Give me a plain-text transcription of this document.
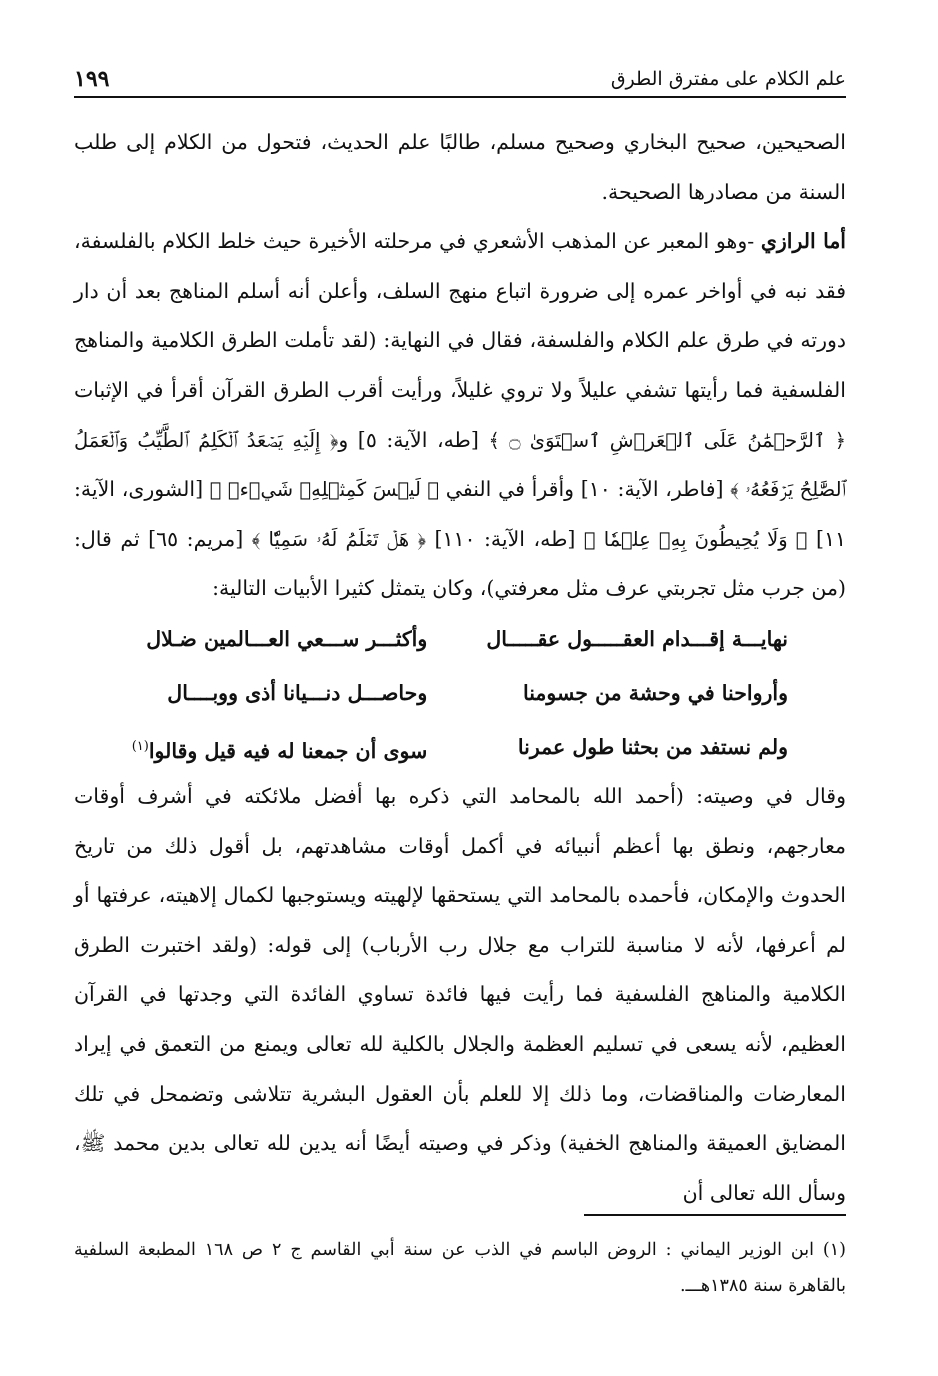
علم الكلام على مفترق الطرق
١٩٩

الصحيحين، صحيح البخاري وصحيح مسلم، طالبًا علم الحديث، فتحول من الكلام إلى طلب السنة من مصادرها الصحيحة.

أما الرازي -وهو المعبر عن المذهب الأشعري في مرحلته الأخيرة حيث خلط الكلام بالفلسفة، فقد نبه في أواخر عمره إلى ضرورة اتباع منهج السلف، وأعلن أنه أسلم المناهج بعد أن دار دورته في طرق علم الكلام والفلسفة، فقال في النهاية: (لقد تأملت الطرق الكلامية والمناهج الفلسفية فما رأيتها تشفي عليلاً ولا تروي غليلاً، ورأيت أقرب الطرق القرآن أقرأ في الإثبات ﴿ ٱلرَّحۡمَٰنُ عَلَى ٱلۡعَرۡشِ ٱسۡتَوَىٰ ۝ ﴾ [طه، الآية: ٥] و﴿ إِلَيۡهِ يَصۡعَدُ ٱلۡكَلِمُ ٱلطَّيِّبُ وَٱلۡعَمَلُ ٱلصَّٰلِحُ يَرۡفَعُهُۥ ﴾ [فاطر، الآية: ١٠] وأقرأ في النفي ﴿ لَيۡسَ كَمِثۡلِهِۦ شَيۡءٞ ﴾ [الشورى، الآية: ١١] ﴿ وَلَا يُحِيطُونَ بِهِۦ عِلۡمٗا ﴾ [طه، الآية: ١١٠] ﴿ هَلۡ تَعۡلَمُ لَهُۥ سَمِيّٗا ﴾ [مريم: ٦٥] ثم قال: (من جرب مثل تجربتي عرف مثل معرفتي)، وكان يتمثل كثيرا الأبيات التالية:

نهايـــة إقـــدام العقـــــول عقـــــال
وأكثـــر ســـعي العـــالمين ضـلال
وأرواحنا في وحشة من جسومنا
وحاصـــل دنـــيانا أذى ووبــــال
ولم نستفد من بحثنا طول عمرنا
سوى أن جمعنا له فيه قيل وقالوا$^{(١)}$

وقال في وصيته: (أحمد الله بالمحامد التي ذكره بها أفضل ملائكته في أشرف أوقات معارجهم، ونطق بها أعظم أنبيائه في أكمل أوقات مشاهدتهم، بل أقول ذلك من تاريخ الحدوث والإمكان، فأحمده بالمحامد التي يستحقها لإلهيته ويستوجبها لكمال إلاهيته، عرفتها أو لم أعرفها، لأنه لا مناسبة للتراب مع جلال رب الأرباب) إلى قوله: (ولقد اختبرت الطرق الكلامية والمناهج الفلسفية فما رأيت فيها فائدة تساوي الفائدة التي وجدتها في القرآن العظيم، لأنه يسعى في تسليم العظمة والجلال بالكلية لله تعالى ويمنع من التعمق في إيراد المعارضات والمناقضات، وما ذلك إلا للعلم بأن العقول البشرية تتلاشى وتضمحل في تلك المضايق العميقة والمناهج الخفية) وذكر في وصيته أيضًا أنه يدين لله تعالى بدين محمد ﷺ، وسأل الله تعالى أن

(١) ابن الوزير اليماني : الروض الباسم في الذب عن سنة أبي القاسم ج ٢ ص ١٦٨ المطبعة السلفية بالقاهرة سنة ١٣٨٥هـــ.
